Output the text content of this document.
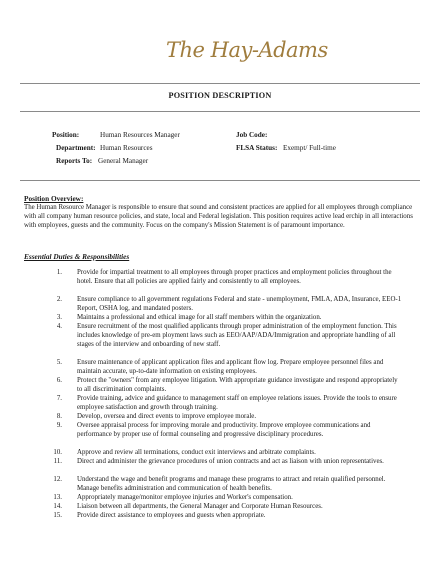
The Hay-Adams
POSITION DESCRIPTION
Position:	Human Resources Manager	Job Code:
Department: Human Resources	FLSA Status: Exempt/ Full-time
Reports To: General Manager
Position Overview:
The Human Resource Manager is responsible to ensure that sound and consistent practices are applied for all employees through compliance with all company human resource policies, and state, local and Federal legislation. This position requires active lead erchip in all interactions with employees, guests and the community. Focus on the company's Mission Statement is of paramount importance.
Essential Duties & Responsibilities
1. Provide for impartial treatment to all employees through proper practices and employment policies throughout the hotel. Ensure that all policies are applied fairly and consistently to all employees.
2. Ensure compliance to all government regulations Federal and state - unemployment, FMLA, ADA, Insurance, EEO-1 Report, OSHA log, and mandated posters.
3. Maintains a professional and ethical image for all staff members within the organization.
4. Ensure recruitment of the most qualified applicants through proper administration of the employment function. This includes knowledge of pre-em ployment laws such as EEO/AAP/ADA/Immigration and appropriate handling of all stages of the interview and onboarding of new staff.
5. Ensure maintenance of applicant application files and applicant flow log. Prepare employee personnel files and maintain accurate, up-to-date information on existing employees.
6. Protect the "owners" from any employee litigation. With appropriate guidance investigate and respond appropriately to all discrimination complaints.
7. Provide training, advice and guidance to management staff on employee relations issues. Provide the tools to ensure employee satisfaction and growth through training.
8. Develop, oversea and direct events to improve employee morale.
9. Oversee appraisal process for improving morale and productivity. Improve employee communications and performance by proper use of formal counseling and progressive disciplinary procedures.
10. Approve and review all terminations, conduct exit interviews and arbitrate complaints.
11. Direct and administer the grievance procedures of union contracts and act as liaison with union representatives.
12. Understand the wage and benefit programs and manage these programs to attract and retain qualified personnel. Manage benefits administration and communication of health benefits.
13. Appropriately manage/monitor employee injuries and Worker's compensation.
14. Liaison between all departments, the General Manager and Corporate Human Resources.
15. Provide direct assistance to employees and guests when appropriate.
